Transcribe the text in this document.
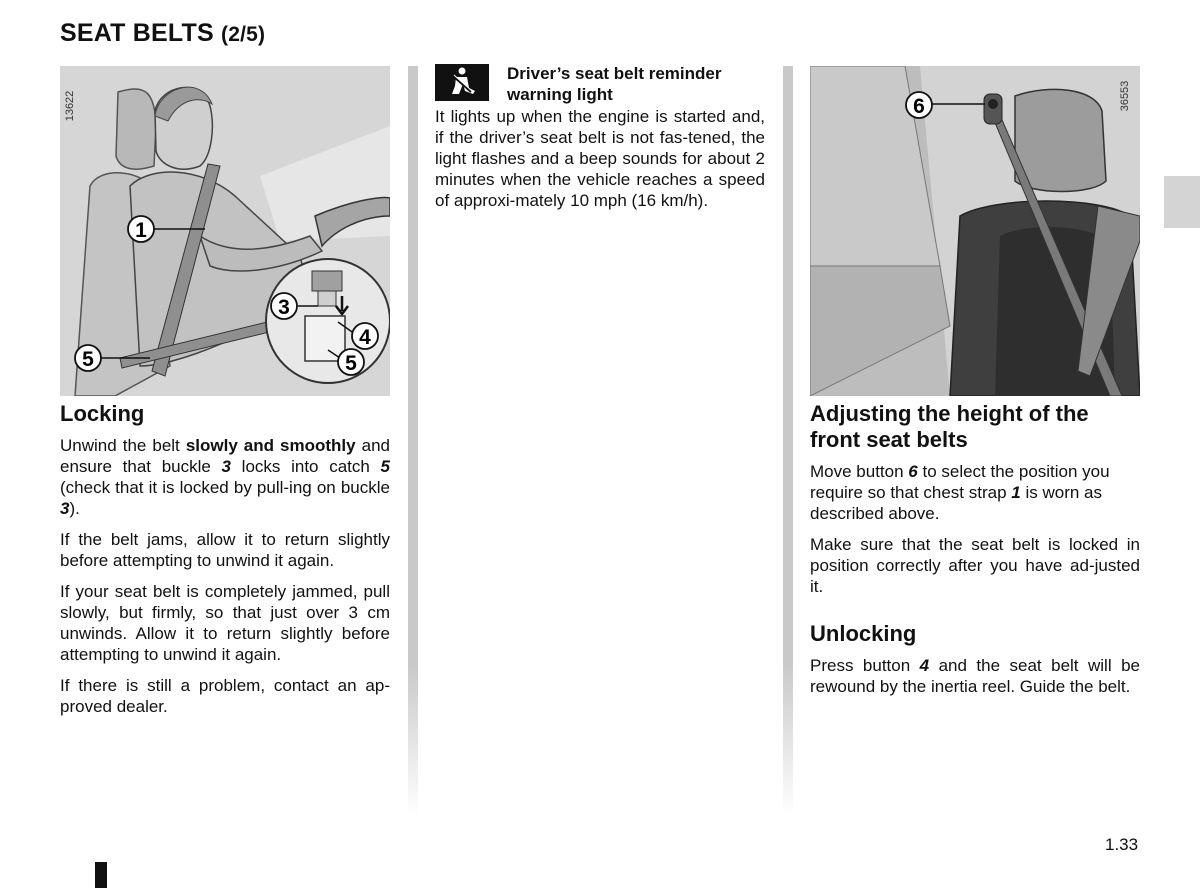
SEAT BELTS (2/5)
1
3
4
5
5
13622	6	36553
Locking

Unwind the belt slowly and smoothly and ensure that buckle 3 locks into catch 5 (check that it is locked by pull-ing on buckle 3).

If the belt jams, allow it to return slightly before attempting to unwind it again.

If your seat belt is completely jammed, pull slowly, but firmly, so that just over 3 cm unwinds. Allow it to return slightly before attempting to unwind it again.

If there is still a problem, contact an ap-proved dealer.

Driver’s seat belt reminder warning light

It lights up when the engine is started and, if the driver’s seat belt is not fas-tened, the light flashes and a beep sounds for about 2 minutes when the vehicle reaches a speed of approxi-mately 10 mph (16 km/h).

Adjusting the height of the front seat belts

Move button 6 to select the position you require so that chest strap 1 is worn as described above.

Make sure that the seat belt is locked in position correctly after you have ad-justed it.

Unlocking

Press button 4 and the seat belt will be rewound by the inertia reel. Guide the belt.

1.33
